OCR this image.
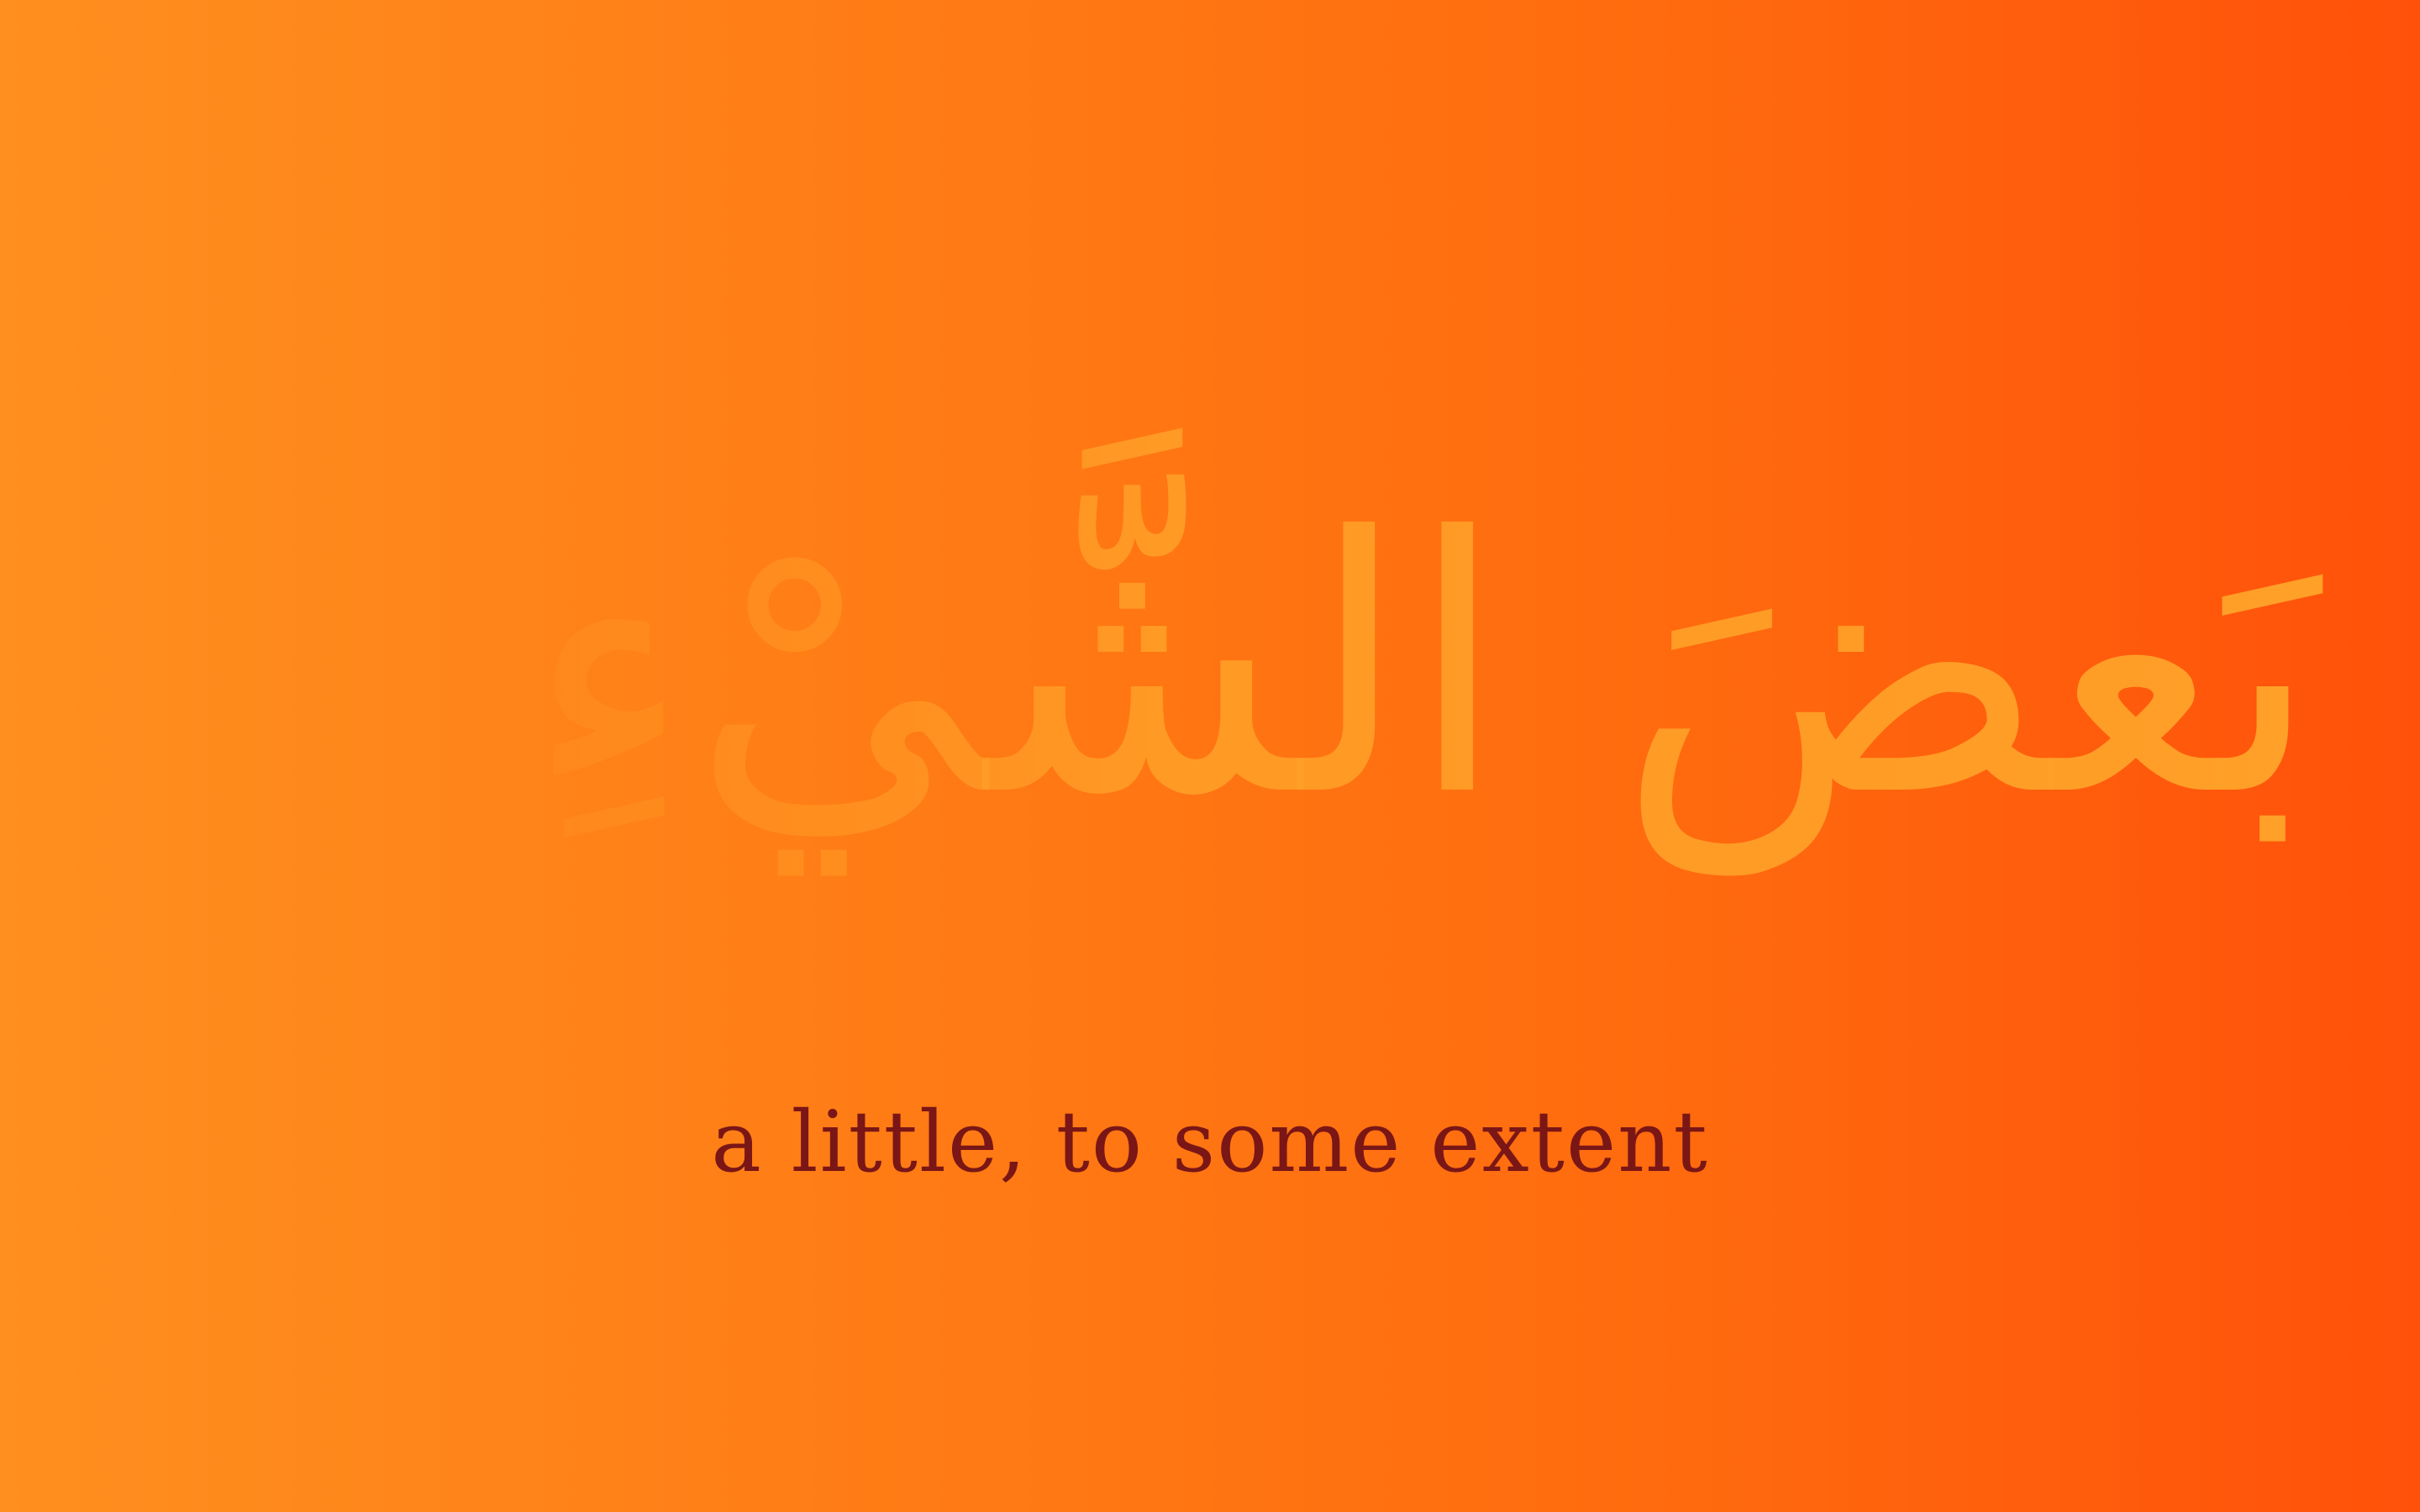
بَعضَ الشَّيْءِ
a little, to some extent
